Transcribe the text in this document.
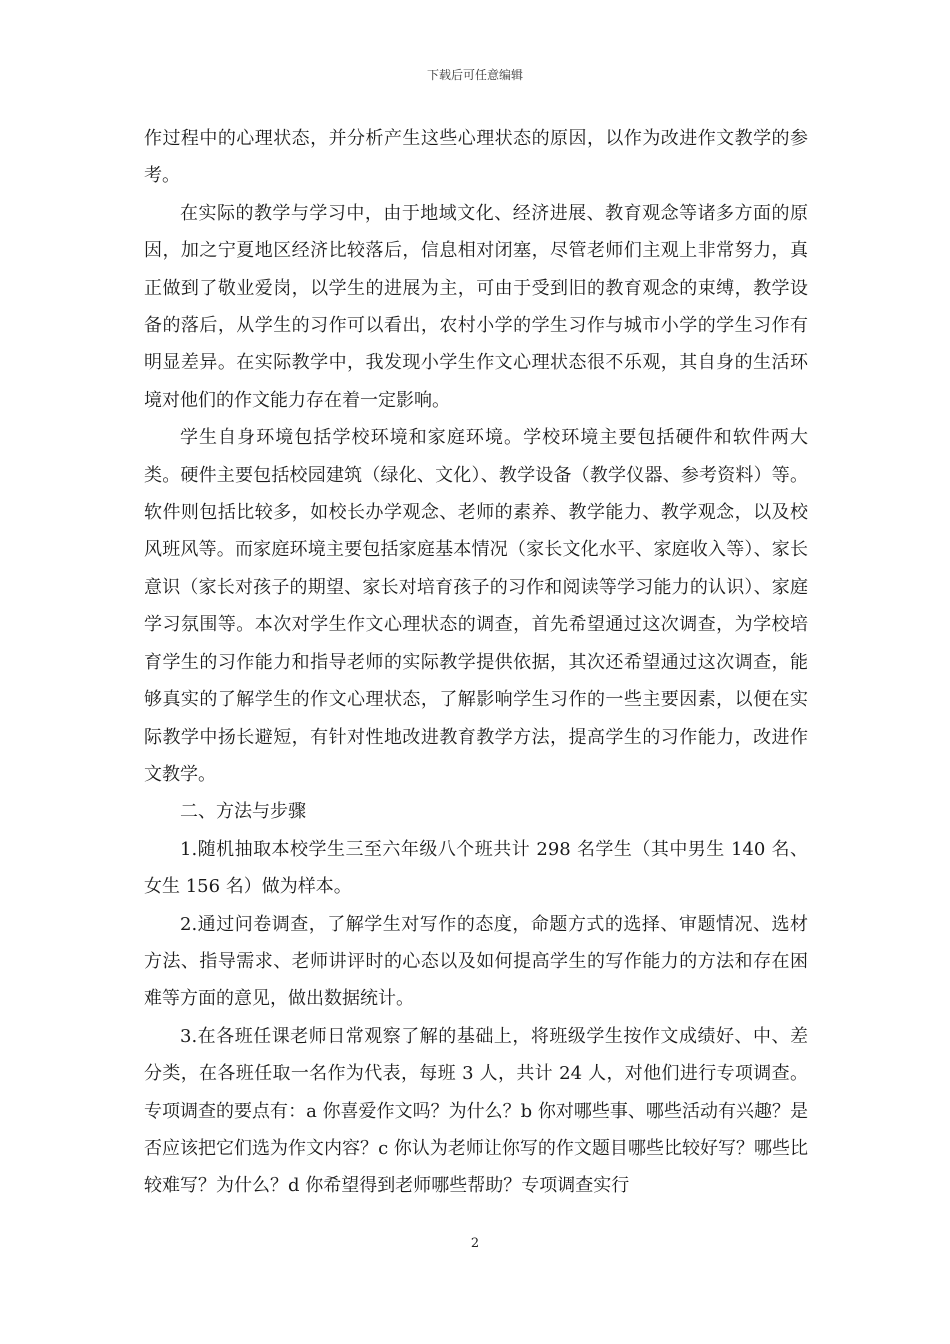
下载后可任意编辑

作过程中的心理状态，并分析产生这些心理状态的原因，以作为改进作文教学的参考。

在实际的教学与学习中，由于地域文化、经济进展、教育观念等诸多方面的原因，加之宁夏地区经济比较落后，信息相对闭塞，尽管老师们主观上非常努力，真正做到了敬业爱岗，以学生的进展为主，可由于受到旧的教育观念的束缚，教学设备的落后，从学生的习作可以看出，农村小学的学生习作与城市小学的学生习作有明显差异。在实际教学中，我发现小学生作文心理状态很不乐观，其自身的生活环境对他们的作文能力存在着一定影响。

学生自身环境包括学校环境和家庭环境。学校环境主要包括硬件和软件两大类。硬件主要包括校园建筑（绿化、文化）、教学设备（教学仪器、参考资料）等。软件则包括比较多，如校长办学观念、老师的素养、教学能力、教学观念，以及校风班风等。而家庭环境主要包括家庭基本情况（家长文化水平、家庭收入等）、家长意识（家长对孩子的期望、家长对培育孩子的习作和阅读等学习能力的认识）、家庭学习氛围等。本次对学生作文心理状态的调查，首先希望通过这次调查，为学校培育学生的习作能力和指导老师的实际教学提供依据，其次还希望通过这次调查，能够真实的了解学生的作文心理状态，了解影响学生习作的一些主要因素，以便在实际教学中扬长避短，有针对性地改进教育教学方法，提高学生的习作能力，改进作文教学。

二、方法与步骤

1.随机抽取本校学生三至六年级八个班共计 298 名学生（其中男生 140 名、女生 156 名）做为样本。

2.通过问卷调查，了解学生对写作的态度，命题方式的选择、审题情况、选材方法、指导需求、老师讲评时的心态以及如何提高学生的写作能力的方法和存在困难等方面的意见，做出数据统计。

3.在各班任课老师日常观察了解的基础上，将班级学生按作文成绩好、中、差分类，在各班任取一名作为代表，每班 3 人，共计 24 人，对他们进行专项调查。专项调查的要点有：a 你喜爱作文吗？为什么？b 你对哪些事、哪些活动有兴趣？是否应该把它们选为作文内容？c 你认为老师让你写的作文题目哪些比较好写？哪些比较难写？为什么？d 你希望得到老师哪些帮助？专项调查实行

2
